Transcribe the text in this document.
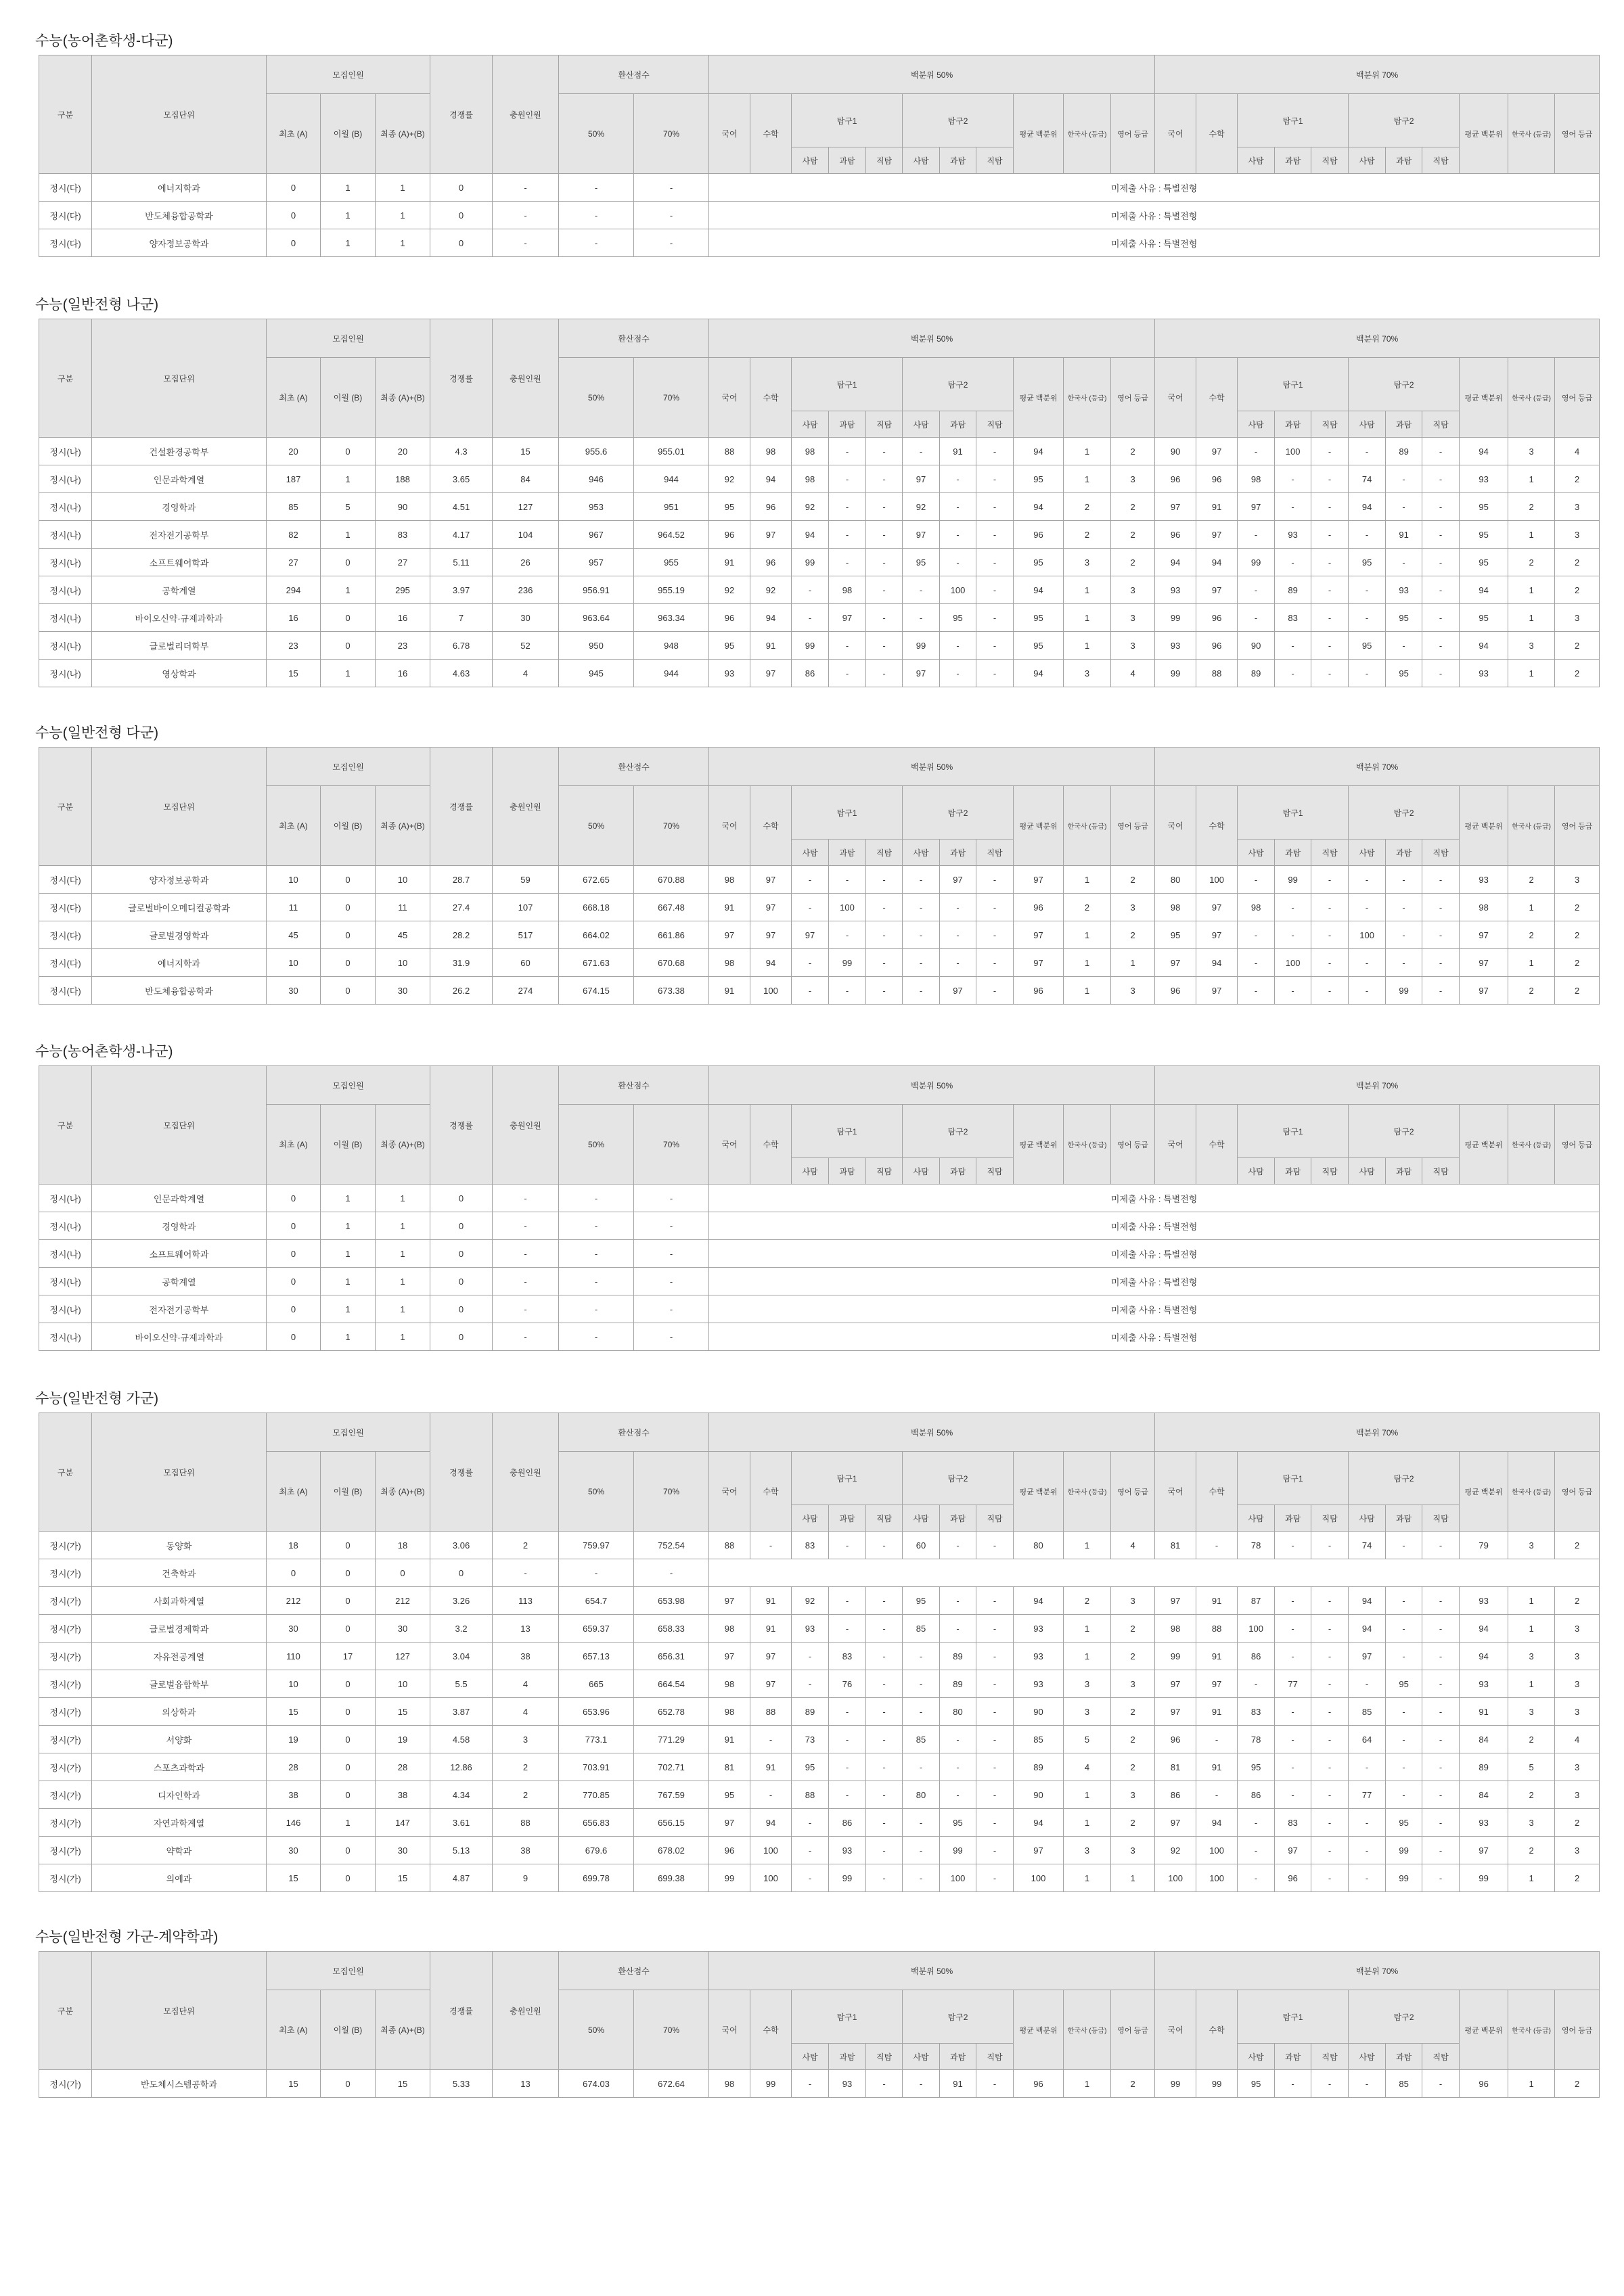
수능(농어촌학생-다군)
구분	모집단위	모집인원			경쟁률	충원인원	환산점수		백분위 50%											백분위 70%										
		최초 (A)	이월 (B)	최종 (A)+(B)			50%	70%	국어	수학	탐구1			탐구2			평균 백분위	한국사 (등급)	영어 등급	국어	수학	탐구1			탐구2			평균 백분위	한국사 (등급)	영어 등급
											사탐	과탐	직탐	사탐	과탐	직탐						사탐	과탐	직탐	사탐	과탐	직탐			
정시(다)	에너지학과	0	1	1	0	-	-	-	미제출 사유 : 특별전형																					
정시(다)	반도체융합공학과	0	1	1	0	-	-	-	미제출 사유 : 특별전형																					
정시(다)	양자정보공학과	0	1	1	0	-	-	-	미제출 사유 : 특별전형																					
수능(일반전형 나군)
구분	모집단위	모집인원			경쟁률	충원인원	환산점수		백분위 50%											백분위 70%										
		최초 (A)	이월 (B)	최종 (A)+(B)			50%	70%	국어	수학	탐구1			탐구2			평균 백분위	한국사 (등급)	영어 등급	국어	수학	탐구1			탐구2			평균 백분위	한국사 (등급)	영어 등급
											사탐	과탐	직탐	사탐	과탐	직탐						사탐	과탐	직탐	사탐	과탐	직탐			
정시(나)	건설환경공학부	20	0	20	4.3	15	955.6	955.01	88	98	98	-	-	-	91	-	94	1	2	90	97	-	100	-	-	89	-	94	3	4
정시(나)	인문과학계열	187	1	188	3.65	84	946	944	92	94	98	-	-	97	-	-	95	1	3	96	96	98	-	-	74	-	-	93	1	2
정시(나)	경영학과	85	5	90	4.51	127	953	951	95	96	92	-	-	92	-	-	94	2	2	97	91	97	-	-	94	-	-	95	2	3
정시(나)	전자전기공학부	82	1	83	4.17	104	967	964.52	96	97	94	-	-	97	-	-	96	2	2	96	97	-	93	-	-	91	-	95	1	3
정시(나)	소프트웨어학과	27	0	27	5.11	26	957	955	91	96	99	-	-	95	-	-	95	3	2	94	94	99	-	-	95	-	-	95	2	2
정시(나)	공학계열	294	1	295	3.97	236	956.91	955.19	92	92	-	98	-	-	100	-	94	1	3	93	97	-	89	-	-	93	-	94	1	2
정시(나)	바이오신약·규제과학과	16	0	16	7	30	963.64	963.34	96	94	-	97	-	-	95	-	95	1	3	99	96	-	83	-	-	95	-	95	1	3
정시(나)	글로벌리더학부	23	0	23	6.78	52	950	948	95	91	99	-	-	99	-	-	95	1	3	93	96	90	-	-	95	-	-	94	3	2
정시(나)	영상학과	15	1	16	4.63	4	945	944	93	97	86	-	-	97	-	-	94	3	4	99	88	89	-	-	-	95	-	93	1	2
수능(일반전형 다군)
구분	모집단위	모집인원			경쟁률	충원인원	환산점수		백분위 50%											백분위 70%										
		최초 (A)	이월 (B)	최종 (A)+(B)			50%	70%	국어	수학	탐구1			탐구2			평균 백분위	한국사 (등급)	영어 등급	국어	수학	탐구1			탐구2			평균 백분위	한국사 (등급)	영어 등급
											사탐	과탐	직탐	사탐	과탐	직탐						사탐	과탐	직탐	사탐	과탐	직탐			
정시(다)	양자정보공학과	10	0	10	28.7	59	672.65	670.88	98	97	-	-	-	-	97	-	97	1	2	80	100	-	99	-	-	-	-	93	2	3
정시(다)	글로벌바이오메디컬공학과	11	0	11	27.4	107	668.18	667.48	91	97	-	100	-	-	-	-	96	2	3	98	97	98	-	-	-	-	-	98	1	2
정시(다)	글로벌경영학과	45	0	45	28.2	517	664.02	661.86	97	97	97	-	-	-	-	-	97	1	2	95	97	-	-	-	100	-	-	97	2	2
정시(다)	에너지학과	10	0	10	31.9	60	671.63	670.68	98	94	-	99	-	-	-	-	97	1	1	97	94	-	100	-	-	-	-	97	1	2
정시(다)	반도체융합공학과	30	0	30	26.2	274	674.15	673.38	91	100	-	-	-	-	97	-	96	1	3	96	97	-	-	-	-	99	-	97	2	2
수능(농어촌학생-나군)
구분	모집단위	모집인원			경쟁률	충원인원	환산점수		백분위 50%											백분위 70%										
		최초 (A)	이월 (B)	최종 (A)+(B)			50%	70%	국어	수학	탐구1			탐구2			평균 백분위	한국사 (등급)	영어 등급	국어	수학	탐구1			탐구2			평균 백분위	한국사 (등급)	영어 등급
											사탐	과탐	직탐	사탐	과탐	직탐						사탐	과탐	직탐	사탐	과탐	직탐			
정시(나)	인문과학계열	0	1	1	0	-	-	-	미제출 사유 : 특별전형																					
정시(나)	경영학과	0	1	1	0	-	-	-	미제출 사유 : 특별전형																					
정시(나)	소프트웨어학과	0	1	1	0	-	-	-	미제출 사유 : 특별전형																					
정시(나)	공학계열	0	1	1	0	-	-	-	미제출 사유 : 특별전형																					
정시(나)	전자전기공학부	0	1	1	0	-	-	-	미제출 사유 : 특별전형																					
정시(나)	바이오신약·규제과학과	0	1	1	0	-	-	-	미제출 사유 : 특별전형																					
수능(일반전형 가군)
구분	모집단위	모집인원			경쟁률	충원인원	환산점수		백분위 50%											백분위 70%										
		최초 (A)	이월 (B)	최종 (A)+(B)			50%	70%	국어	수학	탐구1			탐구2			평균 백분위	한국사 (등급)	영어 등급	국어	수학	탐구1			탐구2			평균 백분위	한국사 (등급)	영어 등급
											사탐	과탐	직탐	사탐	과탐	직탐						사탐	과탐	직탐	사탐	과탐	직탐			
정시(가)	동양화	18	0	18	3.06	2	759.97	752.54	88	-	83	-	-	60	-	-	80	1	4	81	-	78	-	-	74	-	-	79	3	2
정시(가)	건축학과	0	0	0	0	-	-	-																						
정시(가)	사회과학계열	212	0	212	3.26	113	654.7	653.98	97	91	92	-	-	95	-	-	94	2	3	97	91	87	-	-	94	-	-	93	1	2
정시(가)	글로벌경제학과	30	0	30	3.2	13	659.37	658.33	98	91	93	-	-	85	-	-	93	1	2	98	88	100	-	-	94	-	-	94	1	3
정시(가)	자유전공계열	110	17	127	3.04	38	657.13	656.31	97	97	-	83	-	-	89	-	93	1	2	99	91	86	-	-	97	-	-	94	3	3
정시(가)	글로벌융합학부	10	0	10	5.5	4	665	664.54	98	97	-	76	-	-	89	-	93	3	3	97	97	-	77	-	-	95	-	93	1	3
정시(가)	의상학과	15	0	15	3.87	4	653.96	652.78	98	88	89	-	-	-	80	-	90	3	2	97	91	83	-	-	85	-	-	91	3	3
정시(가)	서양화	19	0	19	4.58	3	773.1	771.29	91	-	73	-	-	85	-	-	85	5	2	96	-	78	-	-	64	-	-	84	2	4
정시(가)	스포츠과학과	28	0	28	12.86	2	703.91	702.71	81	91	95	-	-	-	-	-	89	4	2	81	91	95	-	-	-	-	-	89	5	3
정시(가)	디자인학과	38	0	38	4.34	2	770.85	767.59	95	-	88	-	-	80	-	-	90	1	3	86	-	86	-	-	77	-	-	84	2	3
정시(가)	자연과학계열	146	1	147	3.61	88	656.83	656.15	97	94	-	86	-	-	95	-	94	1	2	97	94	-	83	-	-	95	-	93	3	2
정시(가)	약학과	30	0	30	5.13	38	679.6	678.02	96	100	-	93	-	-	99	-	97	3	3	92	100	-	97	-	-	99	-	97	2	3
정시(가)	의예과	15	0	15	4.87	9	699.78	699.38	99	100	-	99	-	-	100	-	100	1	1	100	100	-	96	-	-	99	-	99	1	2
수능(일반전형 가군-계약학과)
구분	모집단위	모집인원			경쟁률	충원인원	환산점수		백분위 50%											백분위 70%										
		최초 (A)	이월 (B)	최종 (A)+(B)			50%	70%	국어	수학	탐구1			탐구2			평균 백분위	한국사 (등급)	영어 등급	국어	수학	탐구1			탐구2			평균 백분위	한국사 (등급)	영어 등급
											사탐	과탐	직탐	사탐	과탐	직탐						사탐	과탐	직탐	사탐	과탐	직탐			
정시(가)	반도체시스템공학과	15	0	15	5.33	13	674.03	672.64	98	99	-	93	-	-	91	-	96	1	2	99	99	95	-	-	-	85	-	96	1	2
